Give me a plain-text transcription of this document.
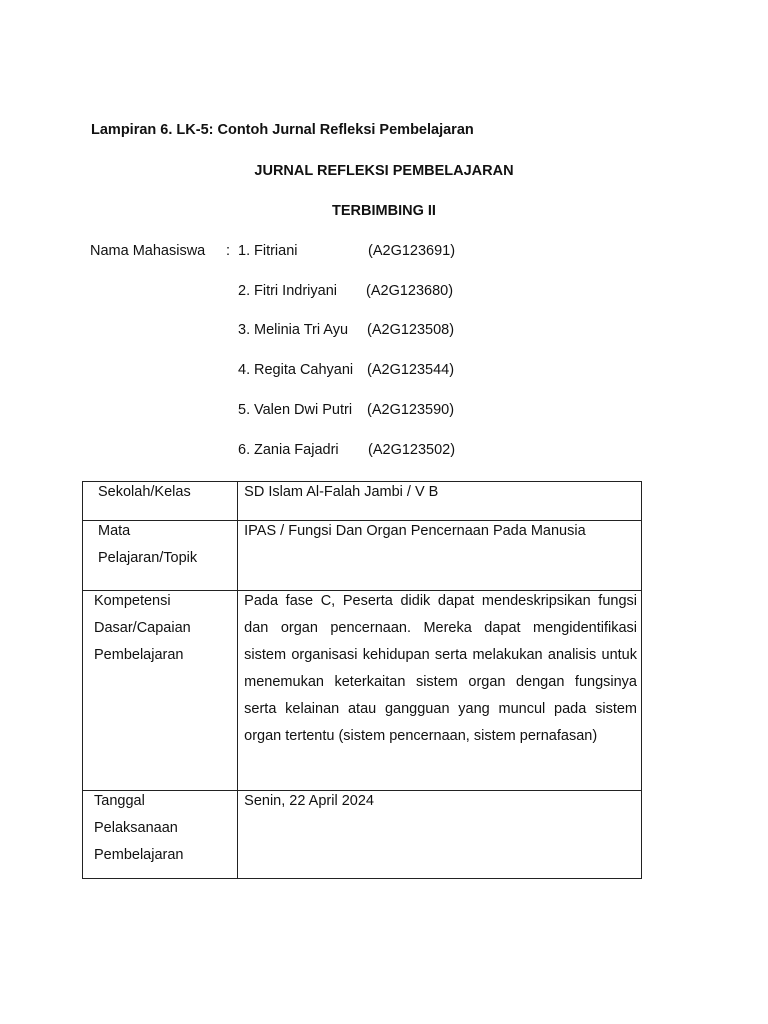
Lampiran 6. LK-5: Contoh Jurnal Refleksi Pembelajaran
JURNAL REFLEKSI PEMBELAJARAN
TERBIMBING II
Nama Mahasiswa : 1. Fitriani	(A2G123691)
2. Fitri Indriyani (A2G123680)
3. Melinia Tri Ayu (A2G123508)
4. Regita Cahyani (A2G123544)
5. Valen Dwi Putri (A2G123590)
6. Zania Fajadri (A2G123502)
Sekolah/Kelas	SD Islam Al-Falah Jambi / V B

Mata Pelajaran/Topik	IPAS / Fungsi Dan Organ Pencernaan Pada Manusia

Kompetensi Dasar/Capaian Pembelajaran	Pada fase C, Peserta didik dapat mendeskripsikan fungsi dan organ pencernaan. Mereka dapat mengidentifikasi sistem organisasi kehidupan serta melakukan analisis untuk menemukan keterkaitan sistem organ dengan fungsinya serta kelainan atau gangguan yang muncul pada sistem organ tertentu (sistem pencernaan, sistem pernafasan)

Tanggal Pelaksanaan Pembelajaran	Senin, 22 April 2024
